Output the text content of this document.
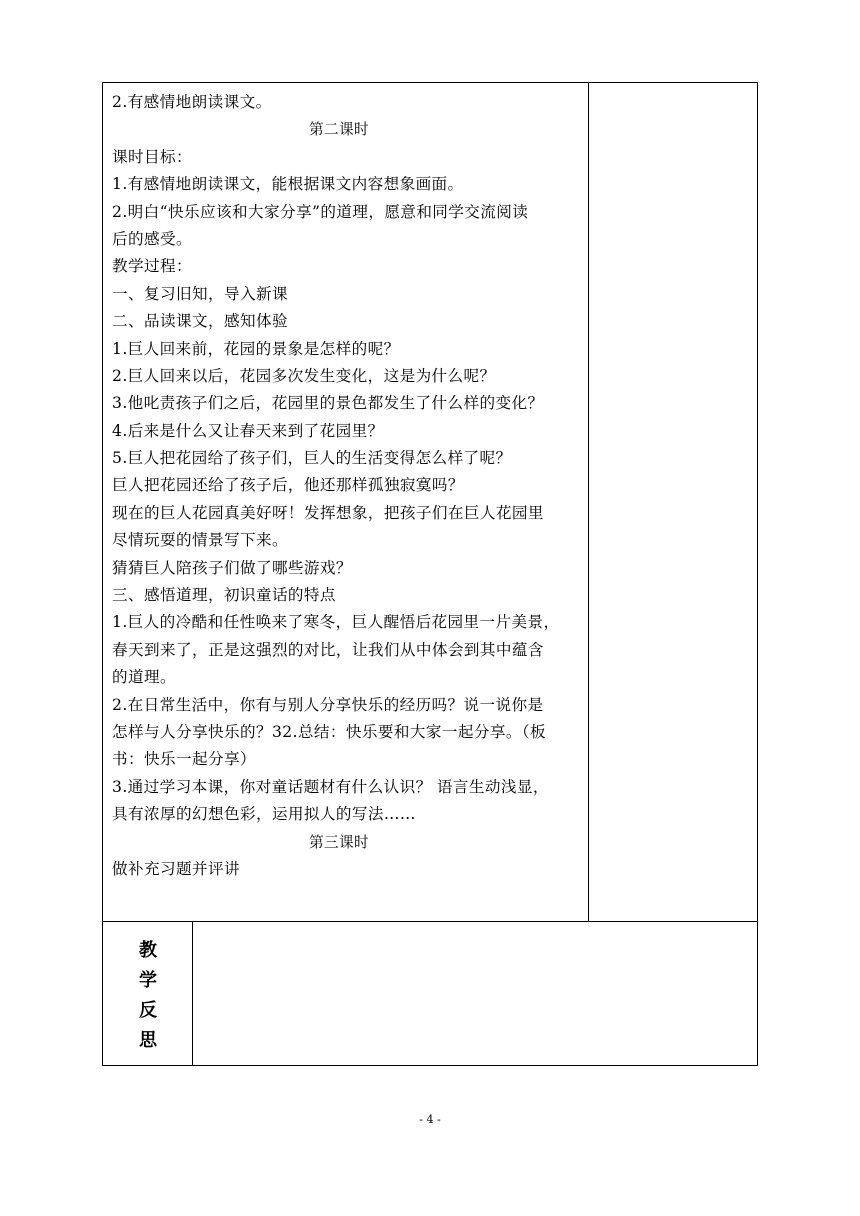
2.有感情地朗读课文。
第二课时
课时目标：
1.有感情地朗读课文，能根据课文内容想象画面。
2.明白“快乐应该和大家分享”的道理，愿意和同学交流阅读
后的感受。
教学过程：
一、复习旧知，导入新课
二、品读课文，感知体验
1.巨人回来前，花园的景象是怎样的呢？
2.巨人回来以后，花园多次发生变化，这是为什么呢？
3.他叱责孩子们之后，花园里的景色都发生了什么样的变化？
4.后来是什么又让春天来到了花园里？
5.巨人把花园给了孩子们，巨人的生活变得怎么样了呢？
巨人把花园还给了孩子后，他还那样孤独寂寞吗？
现在的巨人花园真美好呀！发挥想象，把孩子们在巨人花园里
尽情玩耍的情景写下来。
猜猜巨人陪孩子们做了哪些游戏？
三、感悟道理，初识童话的特点
1.巨人的冷酷和任性唤来了寒冬，巨人醒悟后花园里一片美景，
春天到来了，正是这强烈的对比，让我们从中体会到其中蕴含
的道理。
2.在日常生活中，你有与别人分享快乐的经历吗？说一说你是
怎样与人分享快乐的？32.总结：快乐要和大家一起分享。（板
书：快乐一起分享）
3.通过学习本课，你对童话题材有什么认识？ 语言生动浅显，
具有浓厚的幻想色彩，运用拟人的写法……
第三课时
做补充习题并评讲
教
学
反
思
- 4 -
